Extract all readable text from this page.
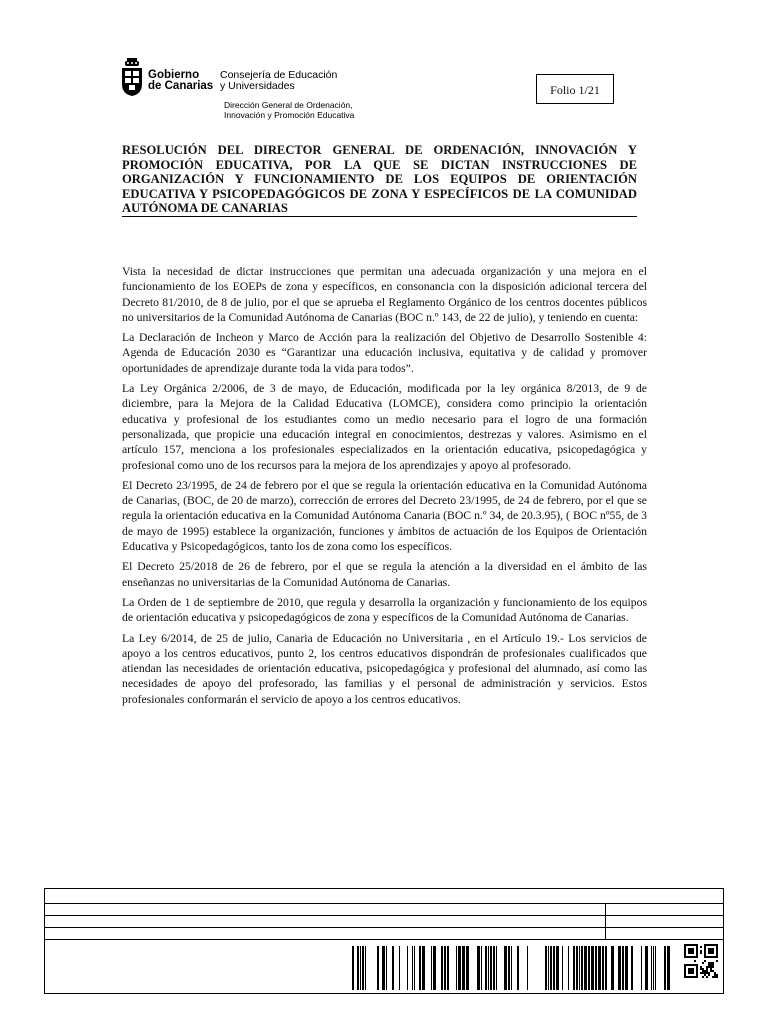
Gobierno
de Canarias
Consejería de Educación
y Universidades
Dirección General de Ordenación,
Innovación y Promoción Educativa
Folio 1/21

RESOLUCIÓN DEL DIRECTOR GENERAL DE ORDENACIÓN, INNOVACIÓN Y PROMOCIÓN EDUCATIVA, POR LA QUE SE DICTAN INSTRUCCIONES DE ORGANIZACIÓN Y FUNCIONAMIENTO DE LOS EQUIPOS DE ORIENTACIÓN EDUCATIVA Y PSICOPEDAGÓGICOS DE ZONA Y ESPECÍFICOS DE LA COMUNIDAD AUTÓNOMA DE CANARIAS

Vista la necesidad de dictar instrucciones que permitan una adecuada organización y una mejora en el funcionamiento de los EOEPs de zona y específicos, en consonancia con la disposición adicional tercera del Decreto 81/2010, de 8 de julio, por el que se aprueba el Reglamento Orgánico de los centros docentes públicos no universitarios de la Comunidad Autónoma de Canarias (BOC n.º 143, de 22 de julio), y teniendo en cuenta:

La Declaración de Incheon y Marco de Acción para la realización del Objetivo de Desarrollo Sostenible 4: Agenda de Educación 2030 es “Garantizar una educación inclusiva, equitativa y de calidad y promover oportunidades de aprendizaje durante toda la vida para todos”.

La Ley Orgánica 2/2006, de 3 de mayo, de Educación, modificada por la ley orgánica 8/2013, de 9 de diciembre, para la Mejora de la Calidad Educativa (LOMCE), considera como principio la orientación educativa y profesional de los estudiantes como un medio necesario para el logro de una formación personalizada, que propicie una educación integral en conocimientos, destrezas y valores. Asimismo en el artículo 157, menciona a los profesionales especializados en la orientación educativa, psicopedagógica y profesional como uno de los recursos para la mejora de los aprendizajes y apoyo al profesorado.

El Decreto 23/1995, de 24 de febrero por el que se regula la orientación educativa en la Comunidad Autónoma de Canarias, (BOC, de 20 de marzo), corrección de errores del Decreto 23/1995, de 24 de febrero, por el que se regula la orientación educativa en la Comunidad Autónoma Canaria (BOC n.º 34, de 20.3.95), ( BOC nº55, de 3 de mayo de 1995) establece la organización, funciones y ámbitos de actuación de los Equipos de Orientación Educativa y Psicopedagógicos, tanto los de zona como los específicos.

El Decreto 25/2018 de 26 de febrero, por el que se regula la atención a la diversidad en el ámbito de las enseñanzas no universitarias de la Comunidad Autónoma de Canarias.

La Orden de 1 de septiembre de 2010, que regula y desarrolla la organización y funcionamiento de los equipos de orientación educativa y psicopedagógicos de zona y específicos de la Comunidad Autónoma de Canarias.

La Ley 6/2014, de 25 de julio, Canaria de Educación no Universitaria , en el Artículo 19.- Los servicios de apoyo a los centros educativos, punto 2, los centros educativos dispondrán de profesionales cualificados que atiendan las necesidades de orientación educativa, psicopedagógica y profesional del alumnado, así como las necesidades de apoyo del profesorado, las familias y el personal de administración y servicios. Estos profesionales conformarán el servicio de apoyo a los centros educativos.
